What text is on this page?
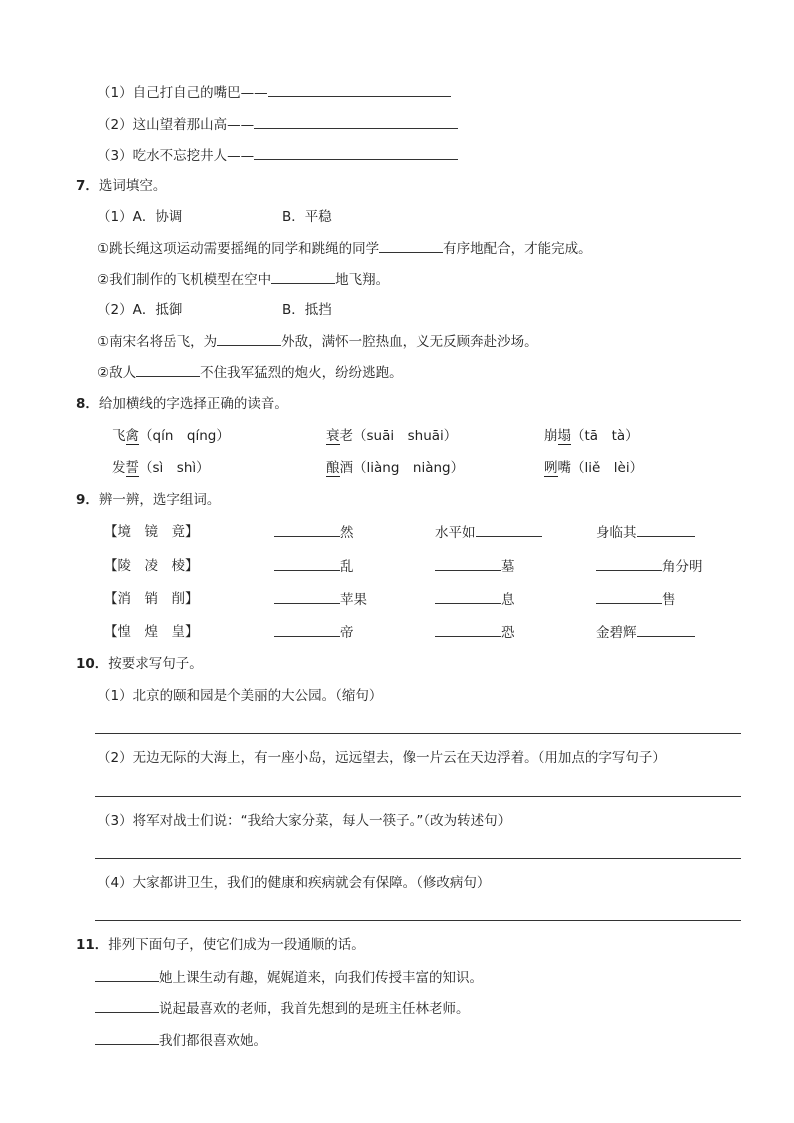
（1）自己打自己的嘴巴——
（2）这山望着那山高——
（3）吃水不忘挖井人——
7．选词填空。
（1）A．协调	B．平稳
①跳长绳这项运动需要摇绳的同学和跳绳的同学	有序地配合，才能完成。
②我们制作的飞机模型在空中	地飞翔。
（2）A．抵御	B．抵挡
①南宋名将岳飞，为	外敌，满怀一腔热血，义无反顾奔赴沙场。
②敌人	不住我军猛烈的炮火，纷纷逃跑。
8．给加横线的字选择正确的读音。
飞禽（qín　qíng）	衰老（suāi　shuāi）	崩塌（tā　tà）
发誓（sì　shì）	酿酒（liàng　niàng）	咧嘴（liě　lèi）
9．辨一辨，选字组词。
【境　镜　竟】	然	水平如	身临其
【陵　凌　棱】	乱	墓	角分明
【消　销　削】	苹果	息	售
【惶　煌　皇】	帝	恐	金碧辉
10．按要求写句子。
（1）北京的颐和园是个美丽的大公园。（缩句）
（2）无边无际的大海上，有一座小岛，远远望去，像一片云在天边浮着。（用加点的字写句子）
（3）将军对战士们说：“我给大家分菜，每人一筷子。”（改为转述句）
（4）大家都讲卫生，我们的健康和疾病就会有保障。（修改病句）
11．排列下面句子，使它们成为一段通顺的话。
她上课生动有趣，娓娓道来，向我们传授丰富的知识。
说起最喜欢的老师，我首先想到的是班主任林老师。
我们都很喜欢她。
